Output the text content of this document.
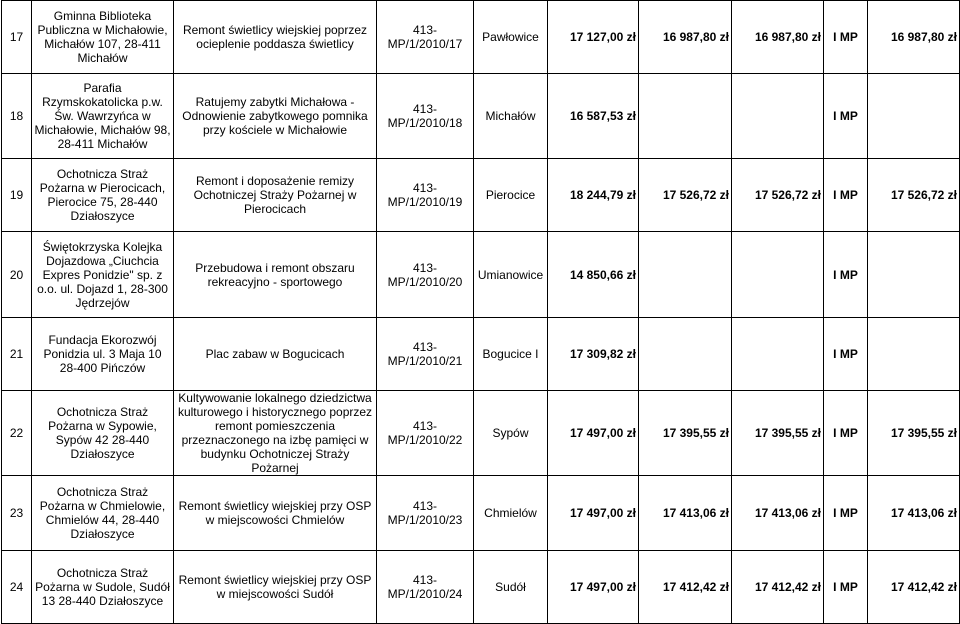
17	Gminna Biblioteka Publiczna w Michałowie, Michałów 107, 28-411 Michałów	Remont świetlicy wiejskiej poprzez ocieplenie poddasza świetlicy	413-MP/1/2010/17	Pawłowice	17 127,00 zł	16 987,80 zł	16 987,80 zł	I MP	16 987,80 zł
18	Parafia Rzymskokatolicka p.w. Św. Wawrzyńca w Michałowie, Michałów 98, 28-411 Michałów	Ratujemy zabytki Michałowa - Odnowienie zabytkowego pomnika przy kościele w Michałowie	413-MP/1/2010/18	Michałów	16 587,53 zł			I MP	
19	Ochotnicza Straż Pożarna w Pierocicach, Pierocice 75, 28-440 Działoszyce	Remont i doposażenie remizy Ochotniczej Straży Pożarnej w Pierocicach	413-MP/1/2010/19	Pierocice	18 244,79 zł	17 526,72 zł	17 526,72 zł	I MP	17 526,72 zł
20	Świętokrzyska Kolejka Dojazdowa „Ciuchcia Expres Ponidzie" sp. z o.o. ul. Dojazd 1, 28-300 Jędrzejów	Przebudowa i remont obszaru rekreacyjno - sportowego	413-MP/1/2010/20	Umianowice	14 850,66 zł			I MP	
21	Fundacja Ekorozwój Ponidzia ul. 3 Maja 10 28-400 Pińczów	Plac zabaw w Bogucicach	413-MP/1/2010/21	Bogucice I	17 309,82 zł			I MP	
22	Ochotnicza Straż Pożarna w Sypowie, Sypów 42 28-440 Działoszyce	Kultywowanie lokalnego dziedzictwa kulturowego i historycznego poprzez remont pomieszczenia przeznaczonego na izbę pamięci w budynku Ochotniczej Straży Pożarnej	413-MP/1/2010/22	Sypów	17 497,00 zł	17 395,55 zł	17 395,55 zł	I MP	17 395,55 zł
23	Ochotnicza Straż Pożarna w Chmielowie, Chmielów 44, 28-440 Działoszyce	Remont świetlicy wiejskiej przy OSP w miejscowości Chmielów	413-MP/1/2010/23	Chmielów	17 497,00 zł	17 413,06 zł	17 413,06 zł	I MP	17 413,06 zł
24	Ochotnicza Straż Pożarna w Sudole, Sudół 13 28-440 Działoszyce	Remont świetlicy wiejskiej przy OSP w miejscowości Sudół	413-MP/1/2010/24	Sudół	17 497,00 zł	17 412,42 zł	17 412,42 zł	I MP	17 412,42 zł
